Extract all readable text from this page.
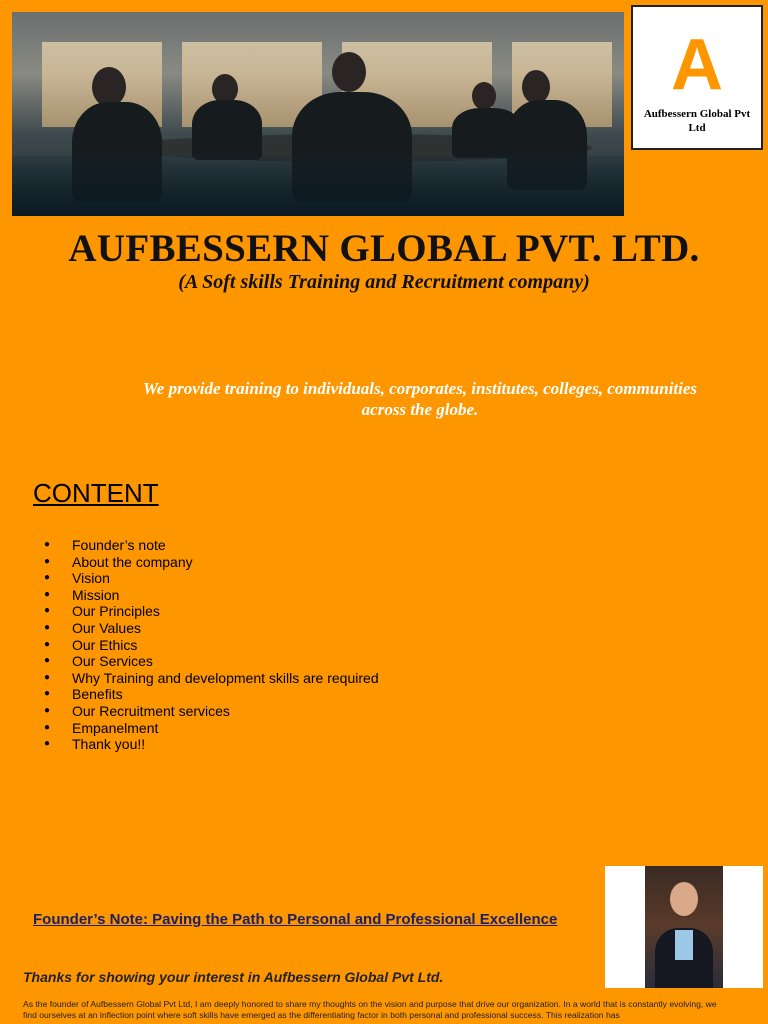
A
Aufbessern Global Pvt Ltd
AUFBESSERN GLOBAL PVT. LTD.
(A Soft skills Training and Recruitment company)
We provide training to individuals, corporates, institutes, colleges, communities across the globe.
CONTENT
● Founder’s note
● About the company
● Vision
● Mission
● Our Principles
● Our Values
● Our Ethics
● Our Services
● Why Training and development skills are required
● Benefits
● Our Recruitment services
● Empanelment
● Thank you!!
Founder’s Note: Paving the Path to Personal and Professional Excellence
Thanks for showing your interest in Aufbessern Global Pvt Ltd.
As the founder of Aufbessern Global Pvt Ltd, I am deeply honored to share my thoughts on the vision and purpose that drive our organization. In a world that is constantly evolving, we find ourselves at an inflection point where soft skills have emerged as the differentiating factor in both personal and professional success. This realization has
